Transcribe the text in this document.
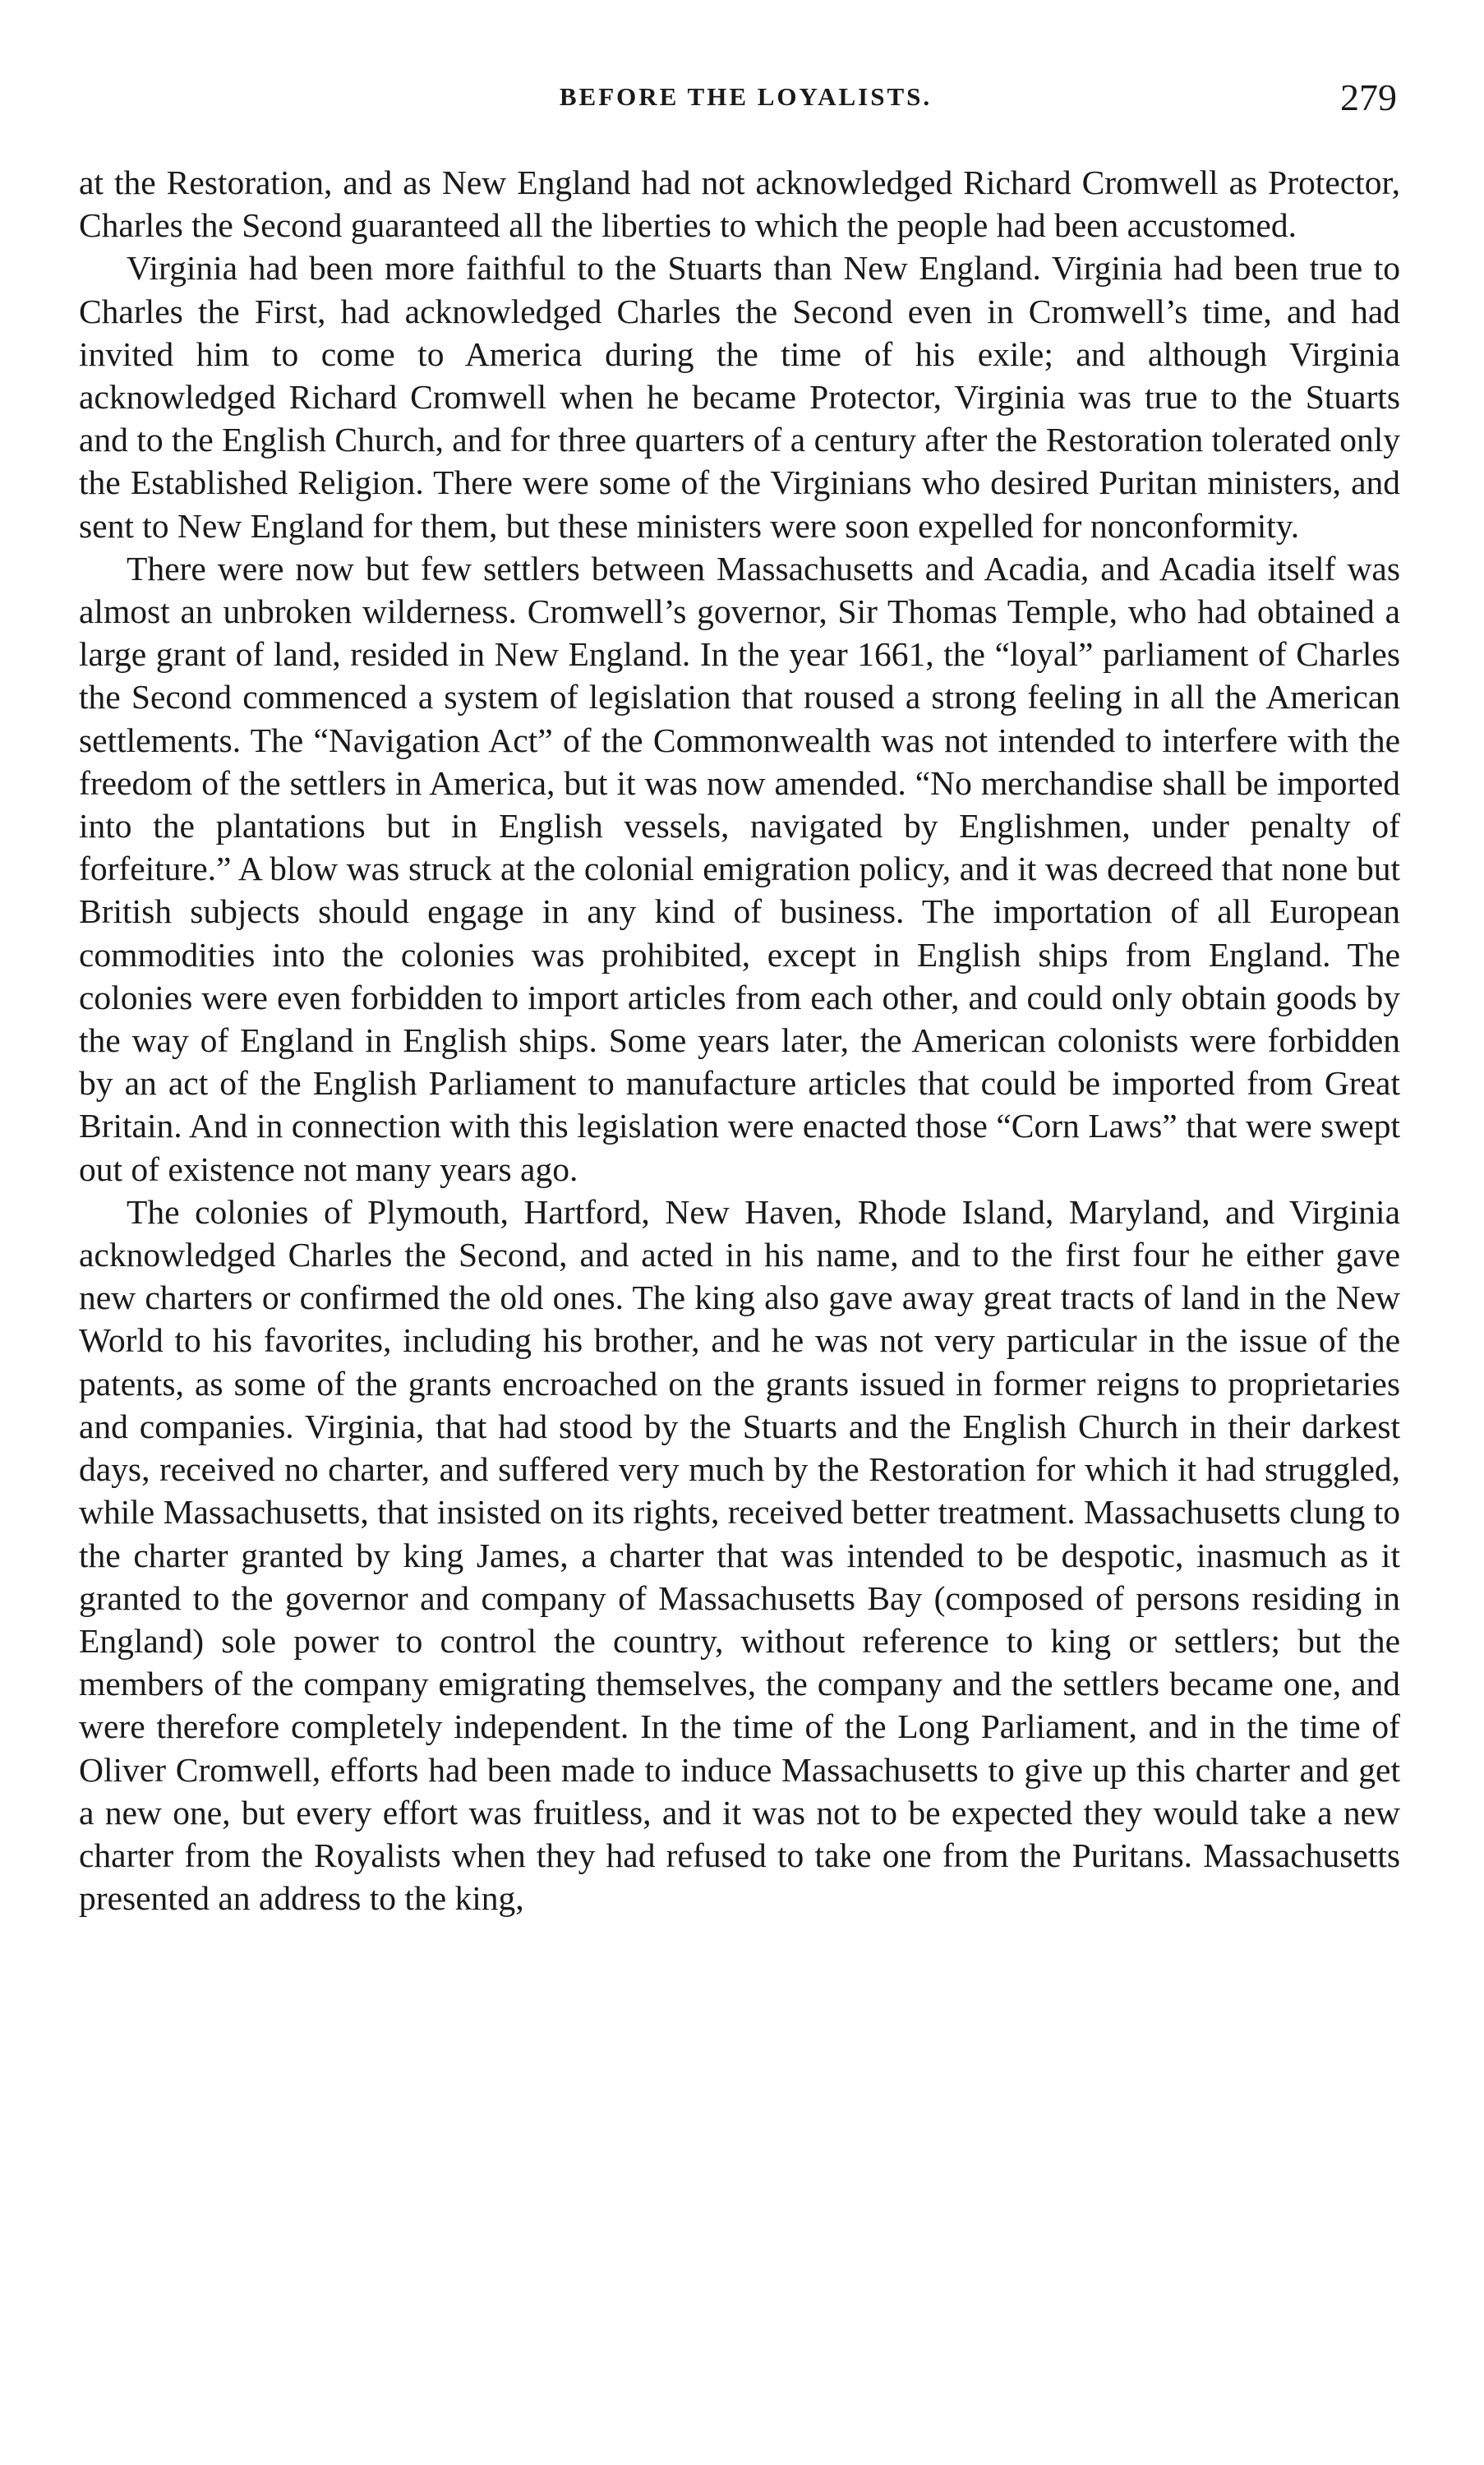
BEFORE THE LOYALISTS.	279

at the Restoration, and as New England had not acknowledged Richard Cromwell as Protector, Charles the Second guaranteed all the liberties to which the people had been accustomed.

Virginia had been more faithful to the Stuarts than New England. Virginia had been true to Charles the First, had acknowledged Charles the Second even in Cromwell’s time, and had invited him to come to America during the time of his exile; and although Virginia acknowledged Richard Cromwell when he became Protector, Virginia was true to the Stuarts and to the English Church, and for three quarters of a century after the Restoration tolerated only the Established Religion. There were some of the Virginians who desired Puritan ministers, and sent to New England for them, but these ministers were soon expelled for nonconformity.

There were now but few settlers between Massachusetts and Acadia, and Acadia itself was almost an unbroken wilderness. Cromwell’s governor, Sir Thomas Temple, who had obtained a large grant of land, resided in New England. In the year 1661, the “loyal” parliament of Charles the Second commenced a system of legislation that roused a strong feeling in all the American settlements. The “Navigation Act” of the Commonwealth was not intended to interfere with the freedom of the settlers in America, but it was now amended. “No merchandise shall be imported into the plantations but in English vessels, navigated by Englishmen, under penalty of forfeiture.” A blow was struck at the colonial emigration policy, and it was decreed that none but British subjects should engage in any kind of business. The importation of all European commodities into the colonies was prohibited, except in English ships from England. The colonies were even forbidden to import articles from each other, and could only obtain goods by the way of England in English ships. Some years later, the American colonists were forbidden by an act of the English Parliament to manufacture articles that could be imported from Great Britain. And in connection with this legislation were enacted those “Corn Laws” that were swept out of existence not many years ago.

The colonies of Plymouth, Hartford, New Haven, Rhode Island, Maryland, and Virginia acknowledged Charles the Second, and acted in his name, and to the first four he either gave new charters or confirmed the old ones. The king also gave away great tracts of land in the New World to his favorites, including his brother, and he was not very particular in the issue of the patents, as some of the grants encroached on the grants issued in former reigns to proprietaries and companies. Virginia, that had stood by the Stuarts and the English Church in their darkest days, received no charter, and suffered very much by the Restoration for which it had struggled, while Massachusetts, that insisted on its rights, received better treatment. Massachusetts clung to the charter granted by king James, a charter that was intended to be despotic, inasmuch as it granted to the governor and company of Massachusetts Bay (composed of persons residing in England) sole power to control the country, without reference to king or settlers; but the members of the company emigrating themselves, the company and the settlers became one, and were therefore completely independent. In the time of the Long Parliament, and in the time of Oliver Cromwell, efforts had been made to induce Massachusetts to give up this charter and get a new one, but every effort was fruitless, and it was not to be expected they would take a new charter from the Royalists when they had refused to take one from the Puritans. Massachusetts presented an address to the king,
